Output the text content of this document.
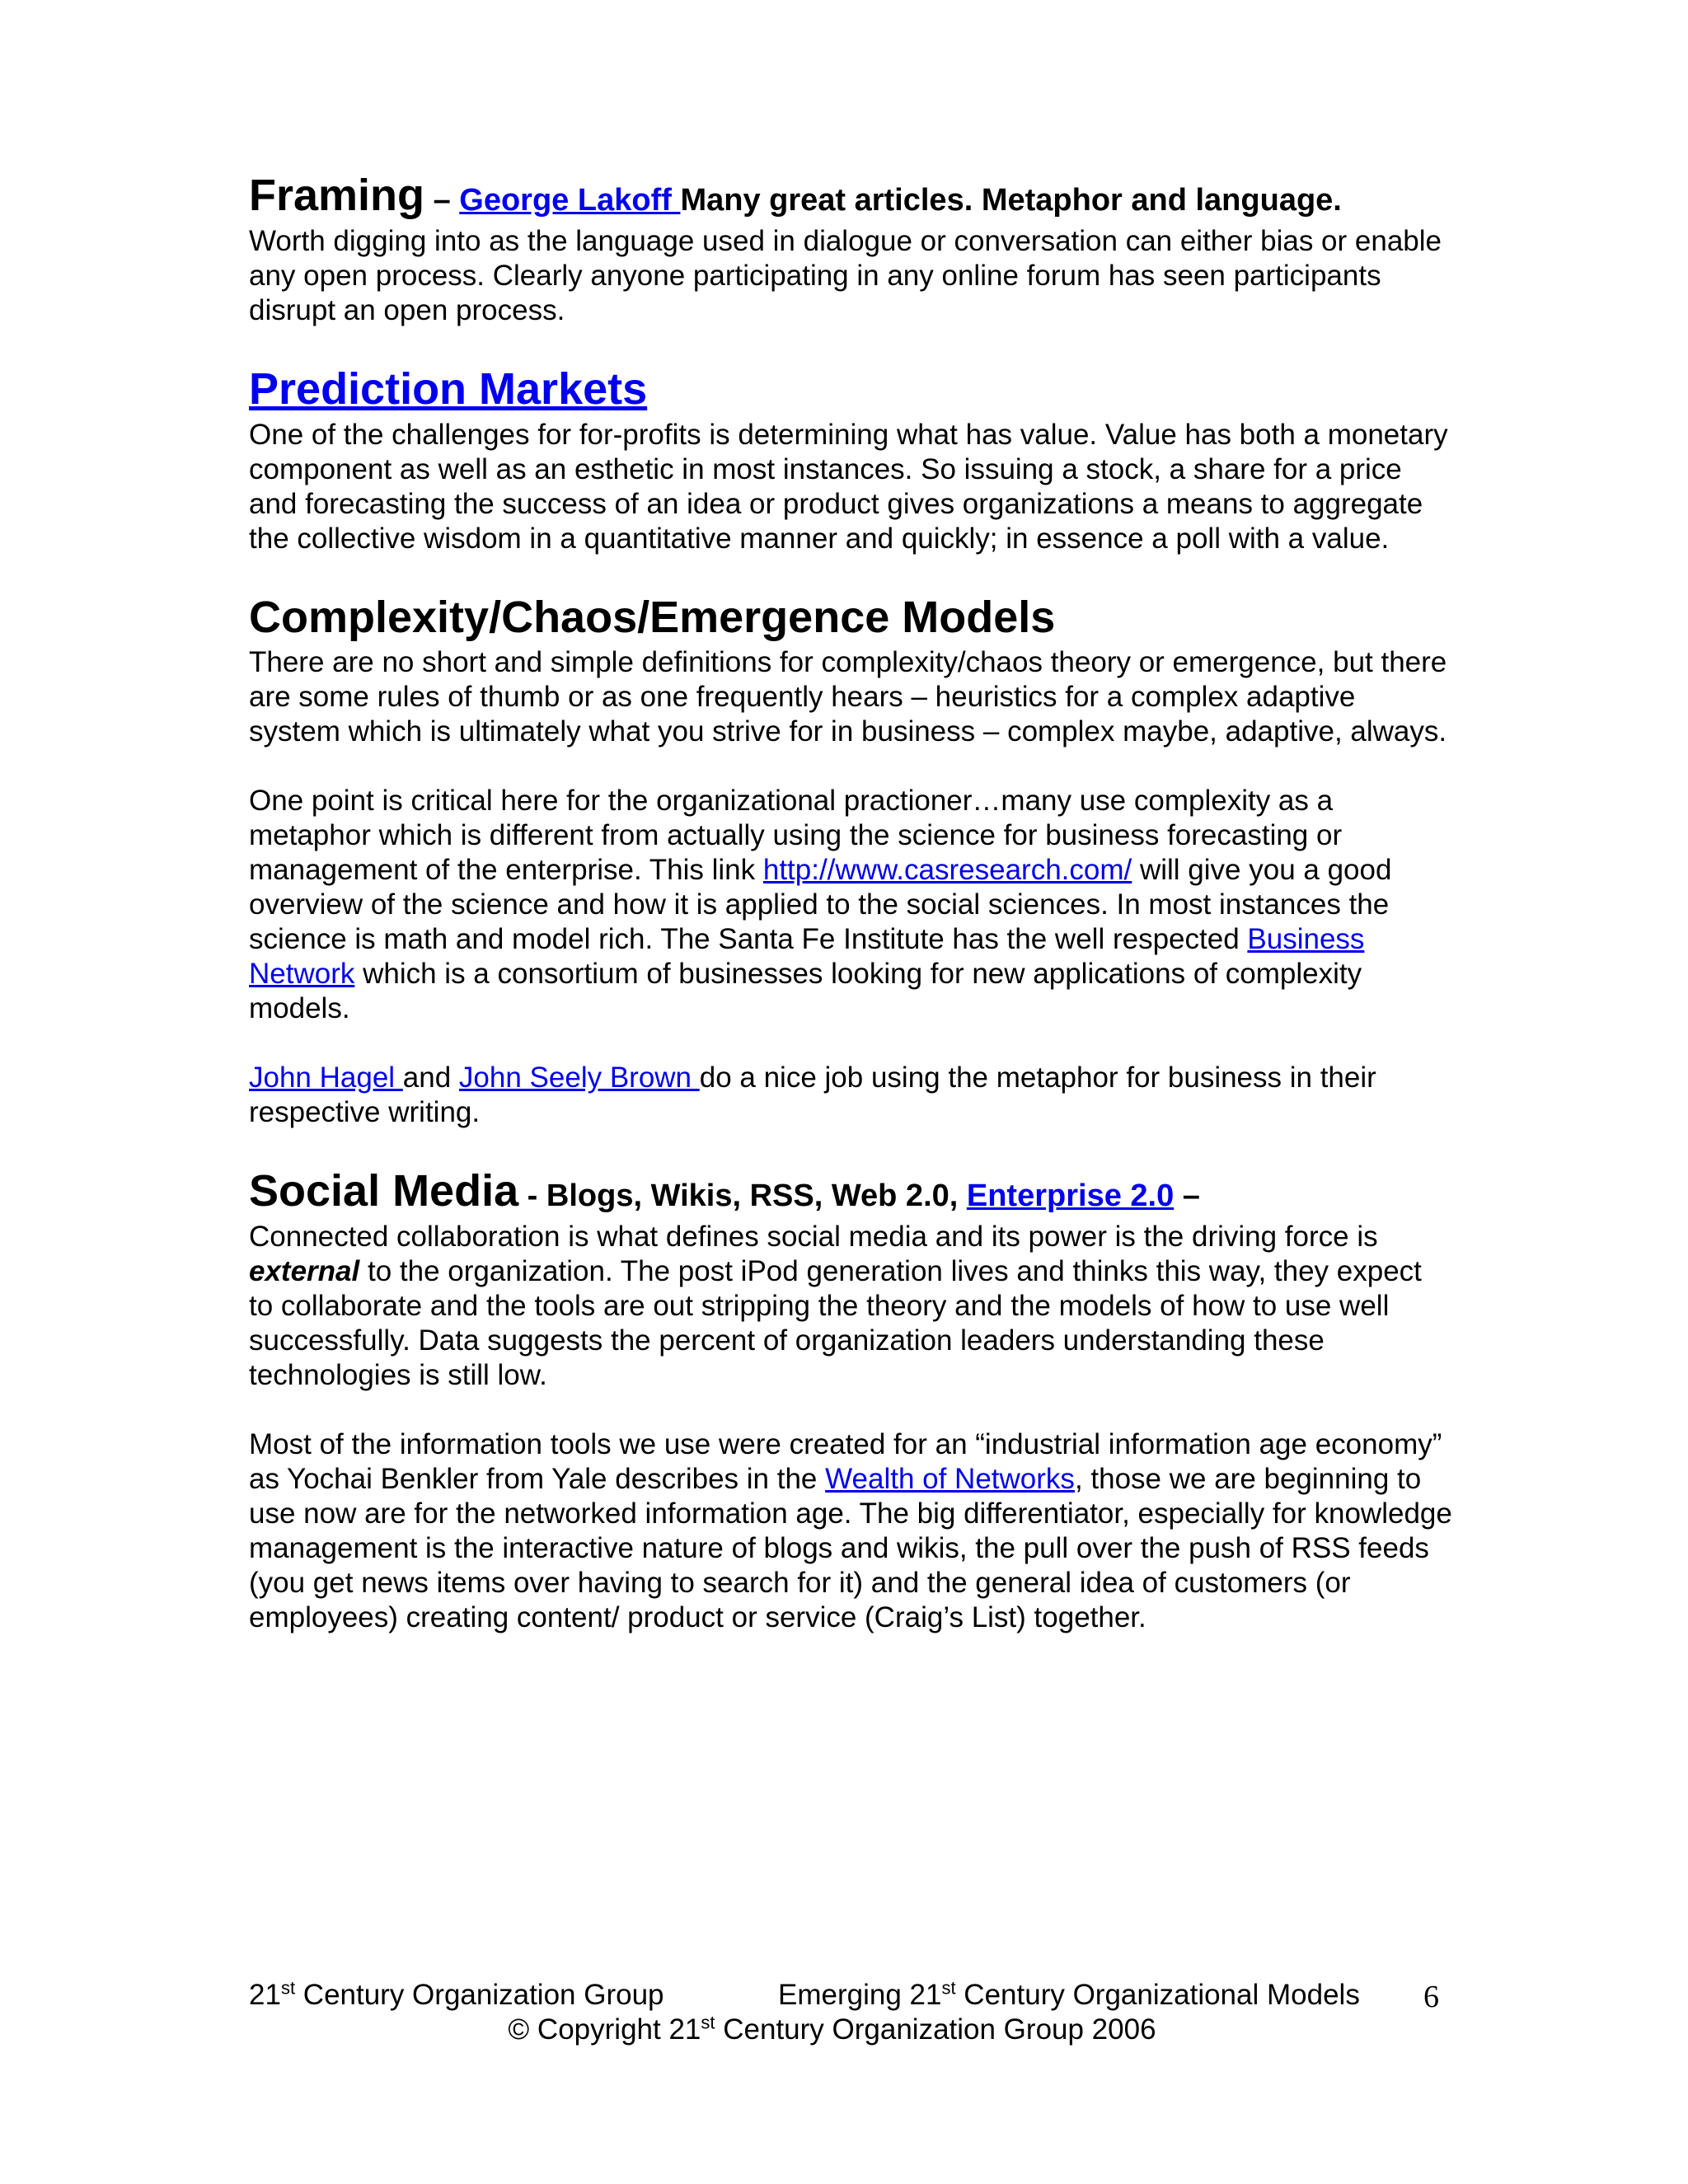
Framing – George Lakoff Many great articles. Metaphor and language.

Worth digging into as the language used in dialogue or conversation can either bias or enable any open process. Clearly anyone participating in any online forum has seen participants disrupt an open process.

Prediction Markets

One of the challenges for for-profits is determining what has value. Value has both a monetary component as well as an esthetic in most instances. So issuing a stock, a share for a price and forecasting the success of an idea or product gives organizations a means to aggregate the collective wisdom in a quantitative manner and quickly; in essence a poll with a value.

Complexity/Chaos/Emergence Models

There are no short and simple definitions for complexity/chaos theory or emergence, but there are some rules of thumb or as one frequently hears – heuristics for a complex adaptive system which is ultimately what you strive for in business – complex maybe, adaptive, always.

One point is critical here for the organizational practioner…many use complexity as a metaphor which is different from actually using the science for business forecasting or management of the enterprise. This link http://www.casresearch.com/ will give you a good overview of the science and how it is applied to the social sciences. In most instances the science is math and model rich. The Santa Fe Institute has the well respected Business Network which is a consortium of businesses looking for new applications of complexity models.

John Hagel and John Seely Brown do a nice job using the metaphor for business in their respective writing.

Social Media - Blogs, Wikis, RSS, Web 2.0, Enterprise 2.0 –

Connected collaboration is what defines social media and its power is the driving force is external to the organization. The post iPod generation lives and thinks this way, they expect to collaborate and the tools are out stripping the theory and the models of how to use well successfully. Data suggests the percent of organization leaders understanding these technologies is still low.

Most of the information tools we use were created for an “industrial information age economy” as Yochai Benkler from Yale describes in the Wealth of Networks, those we are beginning to use now are for the networked information age. The big differentiator, especially for knowledge management is the interactive nature of blogs and wikis, the pull over the push of RSS feeds (you get news items over having to search for it) and the general idea of customers (or employees) creating content/ product or service (Craig’s List) together.

21st Century Organization Group	Emerging 21st Century Organizational Models 6
© Copyright 21st Century Organization Group 2006
